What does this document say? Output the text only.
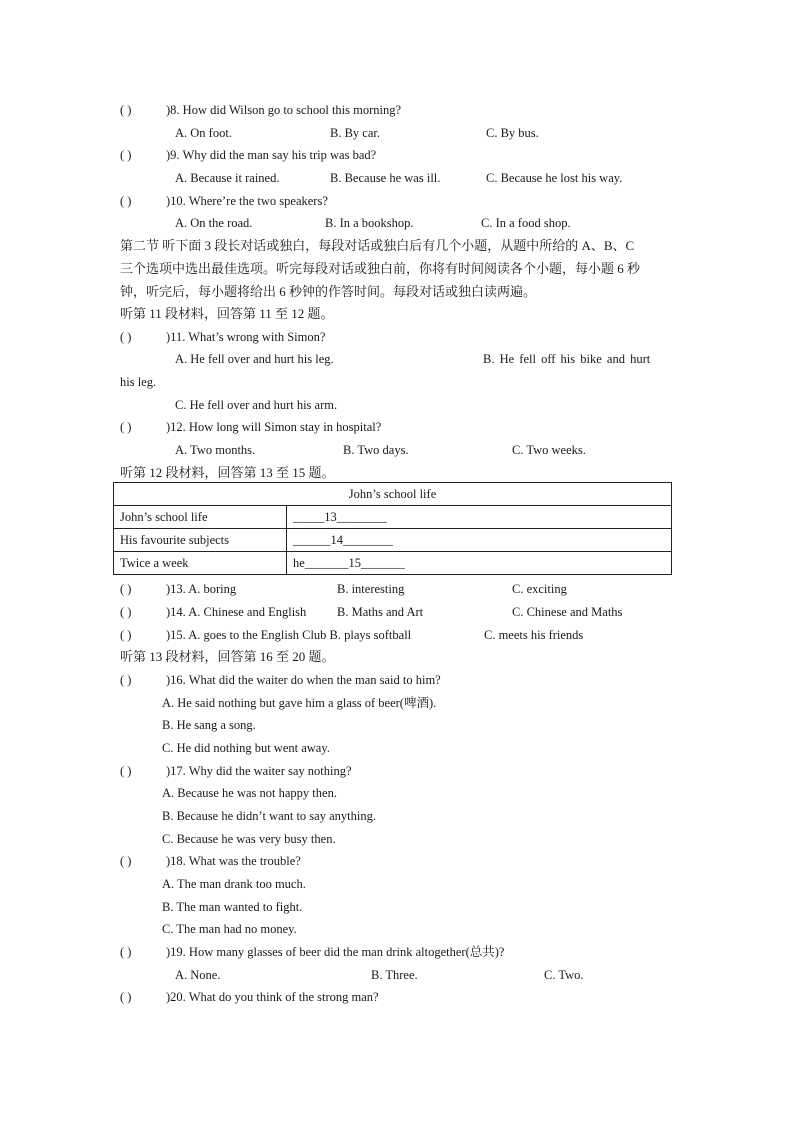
( )	)8. How did Wilson go to school this morning?
A. On foot.	B. By car.	C. By bus.
( )	)9. Why did the man say his trip was bad?
A. Because it rained.	B. Because he was ill.	C. Because he lost his way.
( )	)10. Where’re the two speakers?
A. On the road.	B. In a bookshop.	C. In a food shop.
第二节 听下面 3 段长对话或独白，每段对话或独白后有几个小题，从题中所给的 A、B、C
三个选项中选出最佳选项。听完每段对话或独白前，你将有时间阅读各个小题，每小题 6 秒
钟，听完后，每小题将给出 6 秒钟的作答时间。每段对话或独白读两遍。
听第 11 段材料，回答第 11 至 12 题。
( )	)11. What’s wrong with Simon?
A. He fell over and hurt his leg.	B. He fell off his bike and hurt
his leg.
C. He fell over and hurt his arm.
( )	)12. How long will Simon stay in hospital?
A. Two months.	B. Two days.	C. Two weeks.
听第 12 段材料，回答第 13 至 15 题。
John’s school life	
John’s school life	_____13________
His favourite subjects	______14________
Twice a week	he_______15_______
( )	)13. A. boring	B. interesting	C. exciting
( )	)14. A. Chinese and English B. Maths and Art	C. Chinese and Maths
( )	)15. A. goes to the English Club B. plays softball	C. meets his friends
听第 13 段材料，回答第 16 至 20 题。
( )	)16. What did the waiter do when the man said to him?
A. He said nothing but gave him a glass of beer(啤酒).
B. He sang a song.
C. He did nothing but went away.
( )	)17. Why did the waiter say nothing?
A. Because he was not happy then.
B. Because he didn’t want to say anything.
C. Because he was very busy then.
( )	)18. What was the trouble?
A. The man drank too much.
B. The man wanted to fight.
C. The man had no money.
( )	)19. How many glasses of beer did the man drink altogether(总共)?
A. None.	B. Three.	C. Two.
( )	)20. What do you think of the strong man?
